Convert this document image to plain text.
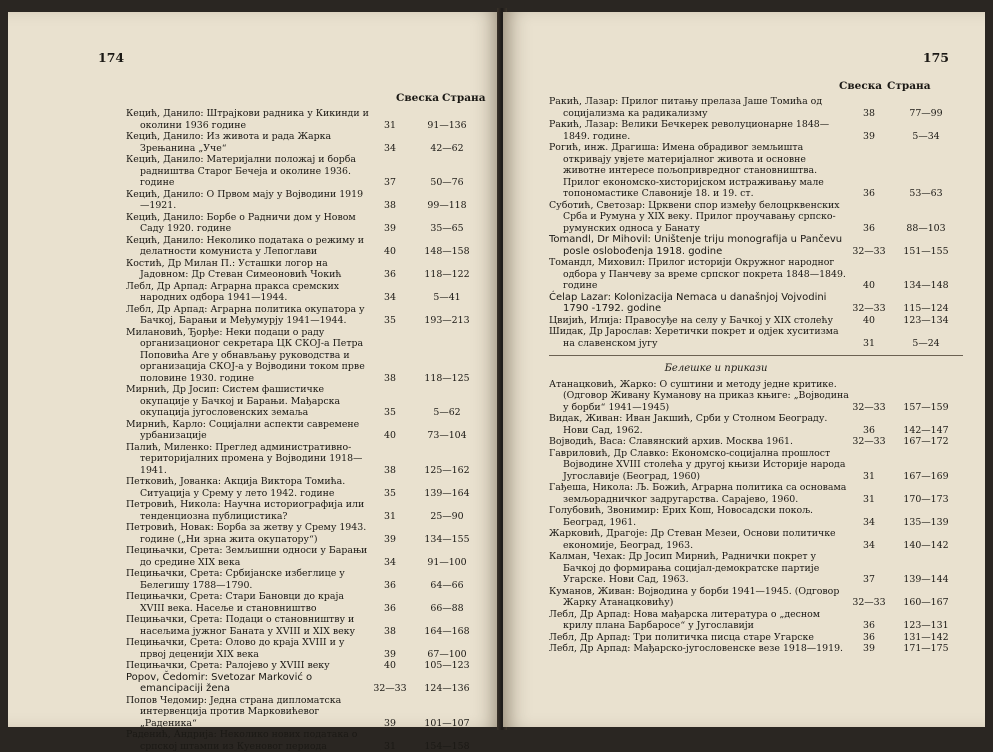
174
Свеска Страна
Кецић, Данило: Штрајкови радника у Кикинди и околини 1936 године	31	91—136
Кецић, Данило: Из живота и рада Жарка Зрењанина „Уче“	34	42—62
Кецић, Данило: Материјални положај и борба радништва Старог Бечеја и околине 1936. године	37	50—76
Кецић, Данило: О Првом мају у Војводини 1919—1921.	38	99—118
Кецић, Данило: Борбе о Радничи дом у Новом Саду 1920. године	39	35—65
Кецић, Данило: Неколико података о режиму и делатности комуниста у Лепоглави	40	148—158
Костић, Др Милан П.: Усташки логор на Јадовном: Др Стеван Симеоновић Чокић	36	118—122
Лебл, Др Арпад: Аграрна пракса сремских народних одбора 1941—1944.	34	5—41
Лебл, Др Арпад: Аграрна политика окупатора у Бачкој, Барањи и Међумурју 1941—1944.	35	193—213
Милановић, Ђорђе: Неки подаци о раду организационог секретара ЦК СКОЈ-а Петра Поповића Аге у обнављању руководства и организација СКОЈ-а у Војводини током прве половине 1930. године	38	118—125
Мирнић, Др Јосип: Систем фашистичке окупације у Бачкој и Барањи. Мађарска окупација југословенских земаља	35	5—62
Мирнић, Карло: Социјални аспекти савремене урбанизације	40	73—104
Палић, Миленко: Преглед административно-територијалних промена у Војводини 1918—1941.	38	125—162
Петковић, Јованка: Акција Виктора Томића. Ситуација у Срему у лето 1942. године	35	139—164
Петровић, Никола: Научна историографија или тенденциозна публицистика?	31	25—90
Петровић, Новак: Борба за жетву у Срему 1943. године („Ни зрна жита окупатору“)	39	134—155
Пецињачки, Срета: Земљишни односи у Барањи до средине XIX века	34	91—100
Пецињачки, Срета: Србијанске избеглице у Белегишу 1788—1790.	36	64—66
Пецињачки, Срета: Стари Бановци до краја XVIII века. Насеље и становништво	36	66—88
Пецињачки, Срета: Подаци о становништву и насељима јужног Баната у XVIII и XIX веку	38	164—168
Пецињачки, Срета: Олово до краја XVIII и у првој деценији XIX века	39	67—100
Пецињачки, Срета: Ралојево у XVIII веку	40	105—123
Popov, Čedomir: Svetozar Marković o emancipaciji žena	32—33	124—136
Попов Чедомир: Једна страна дипломатска интервенција против Марковићевог „Раденика“	39	101—107
Раденић, Андрија: Неколико нових података о српској штампи из Куеновог периода	31	154—158
175
Свеска Страна
Ракић, Лазар: Прилог питању прелаза Јаше Томића од социјализма ка радикализму	38	77—99
Ракић, Лазар: Велики Бечкерек револуционарне 1848—1849. године.	39	5—34
Рогић, инж. Драгиша: Имена обрадивог земљишта откривају увјете материјалног живота и основне животне интересе пољопривредног становништва. Прилог економско-хисторијском истраживању мале топономастике Славоније 18. и 19. ст.	36	53—63
Суботић, Светозар: Црквени спор између белоцрквенских Срба и Румуна у XIX веку. Прилог проучавању српско-румунских односа у Банату	36	88—103
Tomandl, Dr Mihovil: Uništenje triju monografija u Pančevu posle oslobođenja 1918. godine	32—33	151—155
Томандл, Миховил: Прилог историји Окружног народног одбора у Панчеву за време српског покрета 1848—1849. године	40	134—148
Ćelap Lazar: Kolonizacija Nemaca u današnjoj Vojvodini 1790 -1792. godine	32—33	115—124
Цвијић, Илија: Правосуђе на селу у Бачкој у XIX столећу	40	123—134
Шидак, Др Јарослав: Херетички покрет и одјек хуситизма на славенском југу	31	5—24
Белешке и прикази
Атанацковић, Жарко: О суштини и методу једне критике. (Одговор Живану Кумановy на приказ књиге: „Војводина у борби“ 1941—1945)	32—33	157—159
Видак, Живан: Иван Јакшић, Срби у Столном Београду. Нови Сад, 1962.	36	142—147
Војводић, Васа: Славянский архив. Москва 1961.	32—33	167—172
Гавриловић, Др Славко: Економско-социјална прошлост Војводине XVIII столећа у другој књизи Историје народа Југославије (Београд, 1960)	31	167—169
Гађеша, Никола: Љ. Божић, Аграрна политика са основама земљорадничког задругарства. Сарајево, 1960.	31	170—173
Голубовић, Звонимир: Ерих Кош, Новосадски покољ. Београд, 1961.	34	135—139
Жарковић, Драгоје: Др Стеван Мезеи, Основи политичке економије, Београд, 1963.	34	140—142
Калман, Чехак: Др Јосип Мирнић, Раднички покрет у Бачкој до формирања социјал-демократске партије Угарске. Нови Сад, 1963.	37	139—144
Куманов, Живан: Војводина у борби 1941—1945. (Одговор Жарку Атанацковићу)	32—33	160—167
Лебл, Др Арпад: Нова мађарска литература о „десном крилу плана Барбаросе“ у Југославији	36	123—131
Лебл, Др Арпад: Три политичка писца старе Угарске	36	131—142
Лебл, Др Арпад: Мађарско-југословенске везе 1918—1919.	39	171—175
